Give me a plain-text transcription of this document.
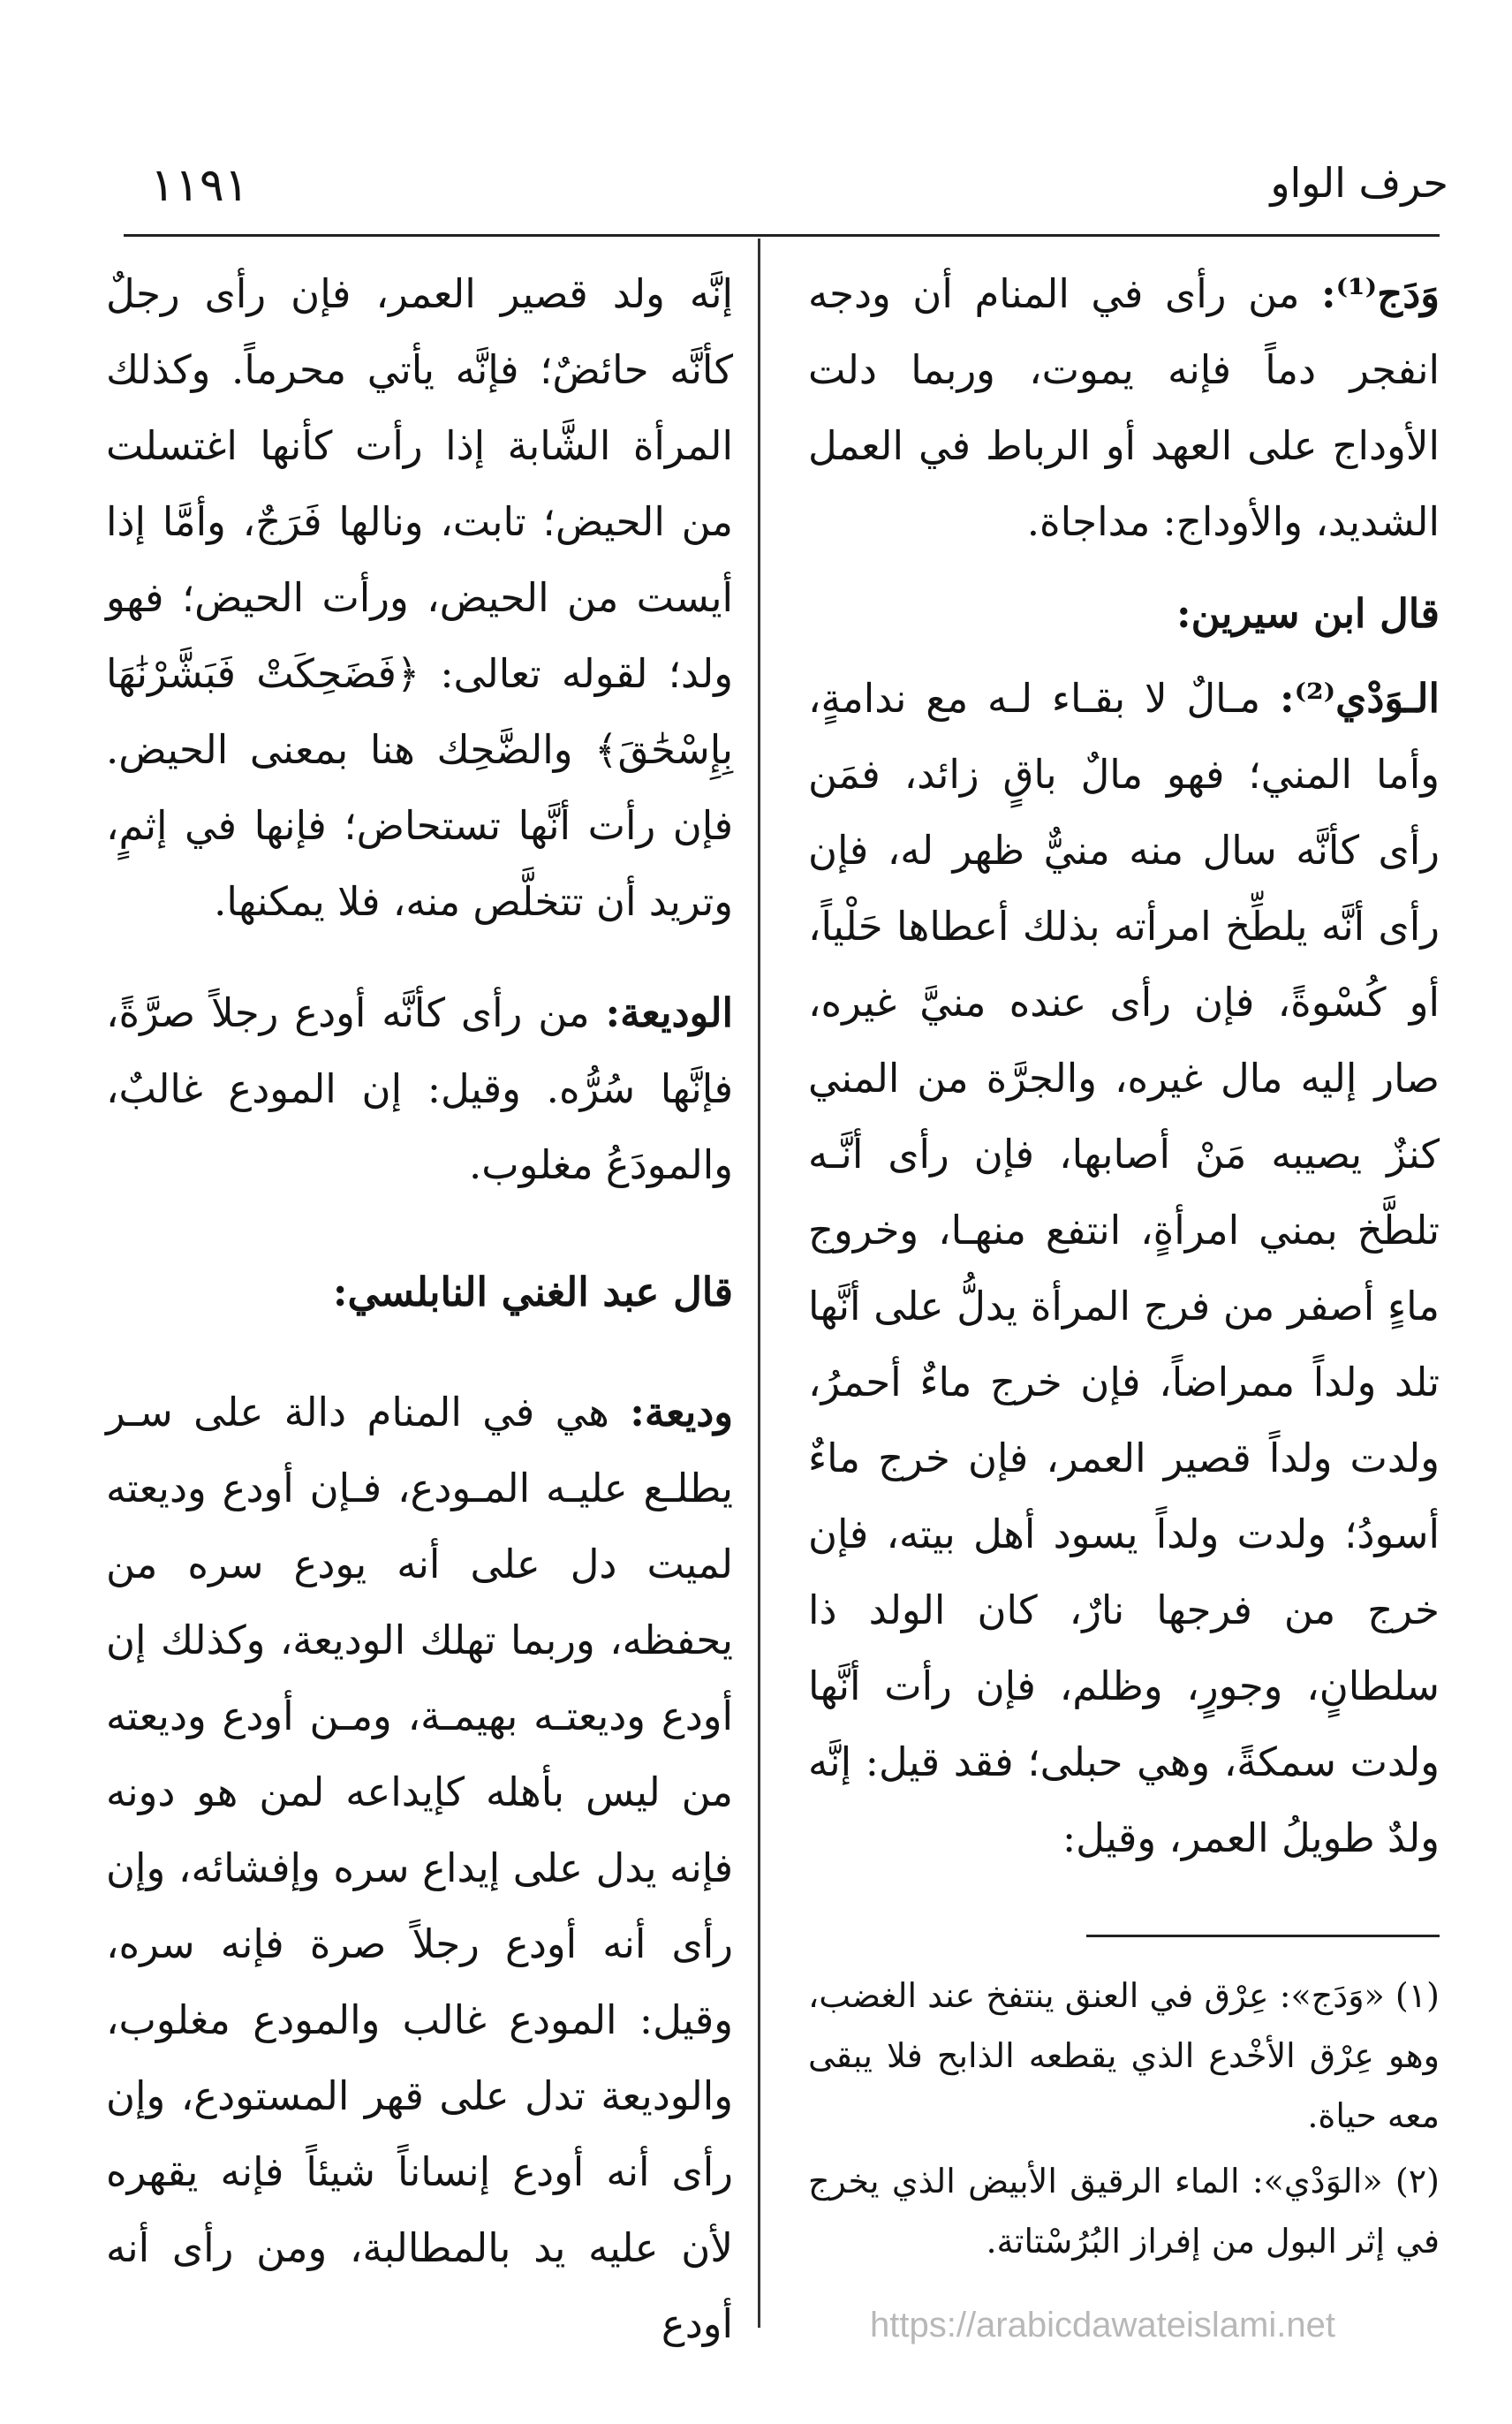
حرف الواو
١١٩١

وَدَج⁽¹⁾: من رأى في المنام أن ودجه انفجر دماً فإنه يموت، وربما دلت الأوداج على العهد أو الرباط في العمل الشديد، والأوداج: مداجاة.

قال ابن سيرين:

الـوَدْي⁽²⁾: مـالٌ لا بقـاء لـه مع ندامةٍ، وأما المني؛ فهو مالٌ باقٍ زائد، فمَن رأى كأنَّه سال منه منيٌّ ظهر له، فإن رأى أنَّه يلطِّخ امرأته بذلك أعطاها حَلْياً، أو كُسْوةً، فإن رأى عنده منيَّ غيره، صار إليه مال غيره، والجرَّة من المني كنزٌ يصيبه مَنْ أصابها، فإن رأى أنَّـه تلطَّخ بمني امرأةٍ، انتفع منهـا، وخروج ماءٍ أصفر من فرج المرأة يدلُّ على أنَّها تلد ولداً ممراضاً، فإن خرج ماءٌ أحمرُ، ولدت ولداً قصير العمر، فإن خرج ماءٌ أسودُ؛ ولدت ولداً يسود أهل بيته، فإن خرج من فرجها نارٌ، كان الولد ذا سلطانٍ، وجورٍ، وظلم، فإن رأت أنَّها ولدت سمكةً، وهي حبلى؛ فقد قيل: إنَّه ولدٌ طويلُ العمر، وقيل:

إنَّه ولد قصير العمر، فإن رأى رجلٌ كأنَّه حائضٌ؛ فإنَّه يأتي محرماً. وكذلك المرأة الشَّابة إذا رأت كأنها اغتسلت من الحيض؛ تابت، ونالها فَرَجٌ، وأمَّا إذا أيست من الحيض، ورأت الحيض؛ فهو ولد؛ لقوله تعالى: ﴿فَضَحِكَتْ فَبَشَّرْنَٰهَا بِإِسْحَٰقَ﴾ والضَّحِك هنا بمعنى الحيض. فإن رأت أنَّها تستحاض؛ فإنها في إثمٍ، وتريد أن تتخلَّص منه، فلا يمكنها.

الوديعة: من رأى كأنَّه أودع رجلاً صرَّةً، فإنَّها سُرُّه. وقيل: إن المودع غالبٌ، والمودَعُ مغلوب.

قال عبد الغني النابلسي:

وديعة: هي في المنام دالة على سـر يطلـع عليـه المـودع، فـإن أودع وديعته لميت دل على أنه يودع سره من يحفظه، وربما تهلك الوديعة، وكذلك إن أودع وديعتـه بهيمـة، ومـن أودع وديعته من ليس بأهله كإيداعه لمن هو دونه فإنه يدل على إيداع سره وإفشائه، وإن رأى أنه أودع رجلاً صرة فإنه سره، وقيل: المودع غالب والمودع مغلوب، والوديعة تدل على قهر المستودع، وإن رأى أنه أودع إنساناً شيئاً فإنه يقهره لأن عليه يد بالمطالبة، ومن رأى أنه أودع

(١) «وَدَج»: عِرْق في العنق ينتفخ عند الغضب، وهو عِرْق الأخْدع الذي يقطعه الذابح فلا يبقى معه حياة.

(٢) «الوَدْي»: الماء الرقيق الأبيض الذي يخرج في إثر البول من إفراز البُرُسْتاتة.

https://arabicdawateislami.net
